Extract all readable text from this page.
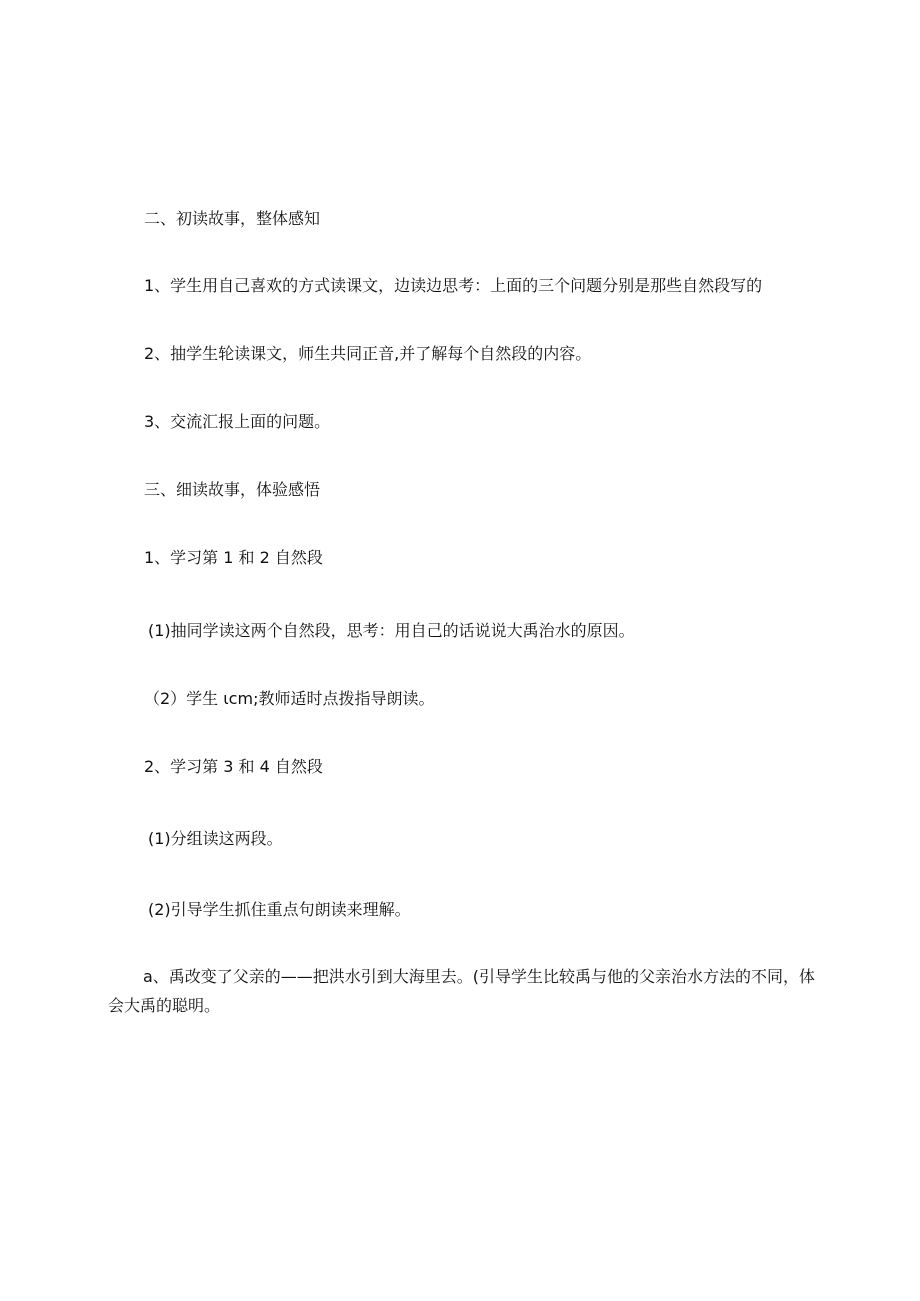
二、初读故事，整体感知
1、学生用自己喜欢的方式读课文，边读边思考：上面的三个问题分别是那些自然段写的
2、抽学生轮读课文，师生共同正音,并了解每个自然段的内容。
3、交流汇报上面的问题。
三、细读故事，体验感悟
1、学习第 1 和 2 自然段
(1)抽同学读这两个自然段，思考：用自己的话说说大禹治水的原因。
（2）学生 ιcm;教师适时点拨指导朗读。
2、学习第 3 和 4 自然段
(1)分组读这两段。
(2)引导学生抓住重点句朗读来理解。
a、禹改变了父亲的——把洪水引到大海里去。(引导学生比较禹与他的父亲治水方法的不同，体会大禹的聪明。
